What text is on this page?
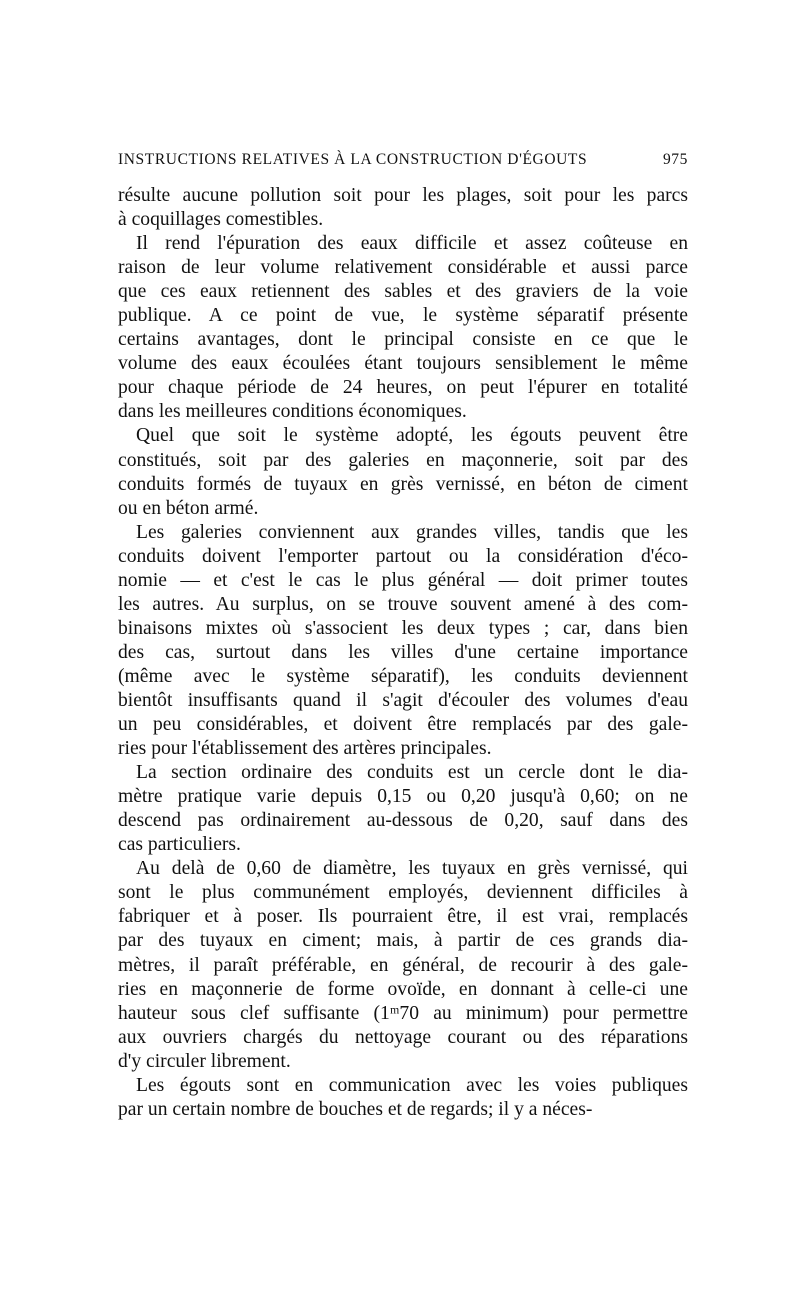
INSTRUCTIONS RELATIVES À LA CONSTRUCTION D'ÉGOUTS	975

résulte aucune pollution soit pour les plages, soit pour les parcs
à coquillages comestibles.

Il rend l'épuration des eaux difficile et assez coûteuse en
raison de leur volume relativement considérable et aussi parce
que ces eaux retiennent des sables et des graviers de la voie
publique. A ce point de vue, le système séparatif présente
certains avantages, dont le principal consiste en ce que le
volume des eaux écoulées étant toujours sensiblement le même
pour chaque période de 24 heures, on peut l'épurer en totalité
dans les meilleures conditions économiques.

Quel que soit le système adopté, les égouts peuvent être
constitués, soit par des galeries en maçonnerie, soit par des
conduits formés de tuyaux en grès vernissé, en béton de ciment
ou en béton armé.

Les galeries conviennent aux grandes villes, tandis que les
conduits doivent l'emporter partout ou la considération d'éco-
nomie — et c'est le cas le plus général — doit primer toutes
les autres. Au surplus, on se trouve souvent amené à des com-
binaisons mixtes où s'associent les deux types ; car, dans bien
des cas, surtout dans les villes d'une certaine importance
(même avec le système séparatif), les conduits deviennent
bientôt insuffisants quand il s'agit d'écouler des volumes d'eau
un peu considérables, et doivent être remplacés par des gale-
ries pour l'établissement des artères principales.

La section ordinaire des conduits est un cercle dont le dia-
mètre pratique varie depuis 0,15 ou 0,20 jusqu'à 0,60; on ne
descend pas ordinairement au-dessous de 0,20, sauf dans des
cas particuliers.

Au delà de 0,60 de diamètre, les tuyaux en grès vernissé, qui
sont le plus communément employés, deviennent difficiles à
fabriquer et à poser. Ils pourraient être, il est vrai, remplacés
par des tuyaux en ciment; mais, à partir de ces grands dia-
mètres, il paraît préférable, en général, de recourir à des gale-
ries en maçonnerie de forme ovoïde, en donnant à celle-ci une
hauteur sous clef suffisante (1ᵐ70 au minimum) pour permettre
aux ouvriers chargés du nettoyage courant ou des réparations
d'y circuler librement.

Les égouts sont en communication avec les voies publiques
par un certain nombre de bouches et de regards; il y a néces-
